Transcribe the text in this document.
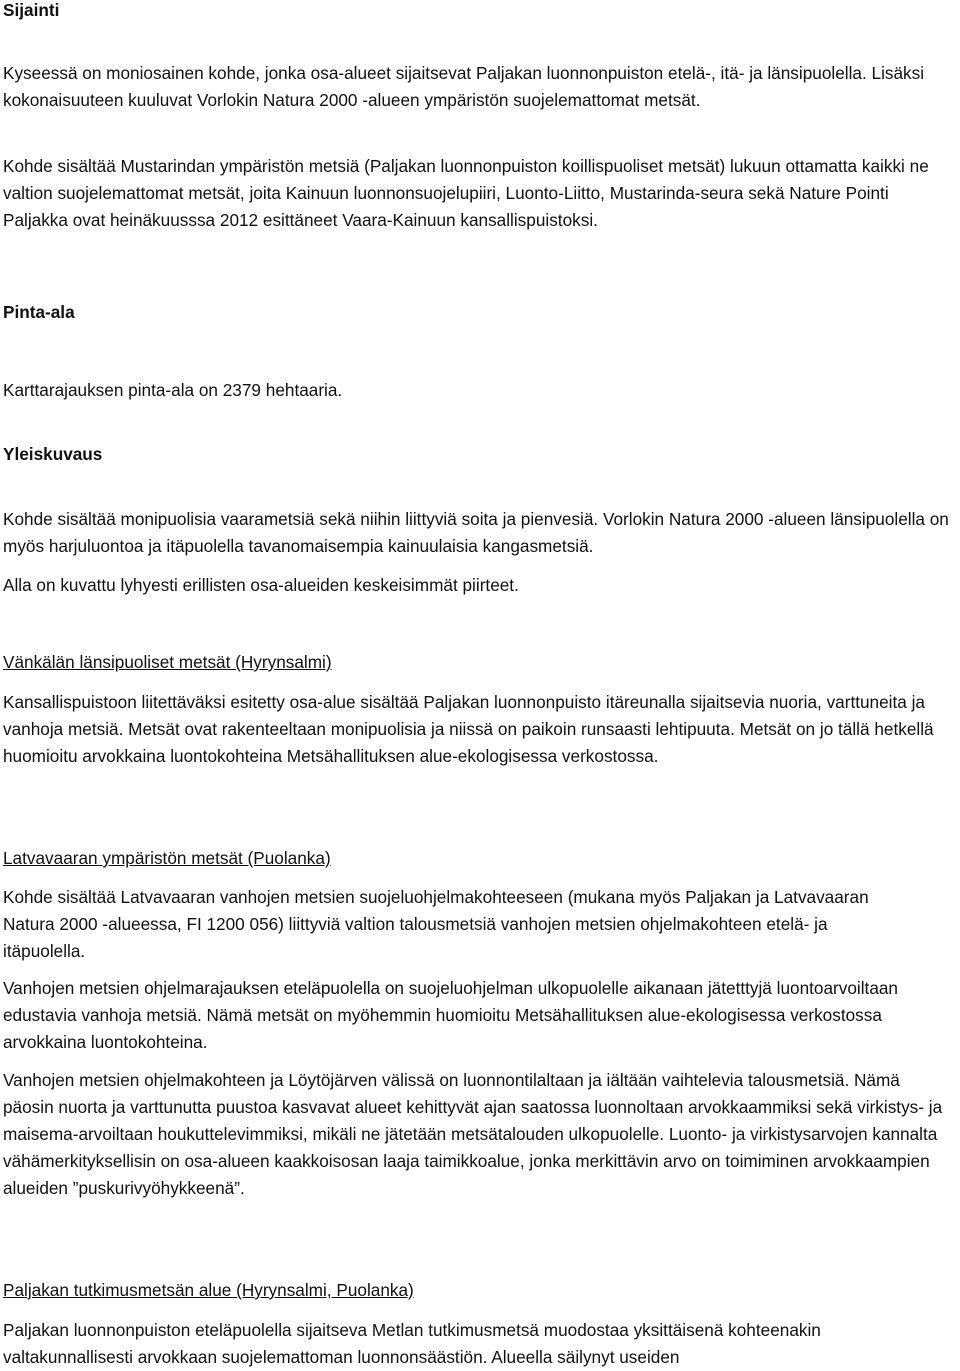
Sijainti

Kyseessä on moniosainen kohde, jonka osa-alueet sijaitsevat Paljakan luonnonpuiston etelä-, itä- ja länsipuolella. Lisäksi kokonaisuuteen kuuluvat Vorlokin Natura 2000 -alueen ympäristön suojelemattomat metsät.

Kohde sisältää Mustarindan ympäristön metsiä (Paljakan luonnonpuiston koillispuoliset metsät) lukuun ottamatta kaikki ne valtion suojelemattomat metsät, joita Kainuun luonnonsuojelupiiri, Luonto-Liitto, Mustarinda-seura sekä Nature Pointi Paljakka ovat heinäkuusssa 2012 esittäneet Vaara-Kainuun kansallispuistoksi.

Pinta-ala

Karttarajauksen pinta-ala on 2379 hehtaaria.

Yleiskuvaus

Kohde sisältää monipuolisia vaarametsiä sekä niihin liittyviä soita ja pienvesiä. Vorlokin Natura 2000 -alueen länsipuolella on myös harjuluontoa ja itäpuolella tavanomaisempia kainuulaisia kangasmetsiä.

Alla on kuvattu lyhyesti erillisten osa-alueiden keskeisimmät piirteet.

Vänkälän länsipuoliset metsät (Hyrynsalmi)

Kansallispuistoon liitettäväksi esitetty osa-alue sisältää Paljakan luonnonpuisto itäreunalla sijaitsevia nuoria, varttuneita ja vanhoja metsiä. Metsät ovat rakenteeltaan monipuolisia ja niissä on paikoin runsaasti lehtipuuta. Metsät on jo tällä hetkellä huomioitu arvokkaina luontokohteina Metsähallituksen alue-ekologisessa verkostossa.

Latvavaaran ympäristön metsät (Puolanka)

Kohde sisältää Latvavaaran vanhojen metsien suojeluohjelmakohteeseen (mukana myös Paljakan ja Latvavaaran Natura 2000 -alueessa, FI 1200 056) liittyviä valtion talousmetsiä vanhojen metsien ohjelmakohteen etelä- ja itäpuolella.

Vanhojen metsien ohjelmarajauksen eteläpuolella on suojeluohjelman ulkopuolelle aikanaan jätetttyjä luontoarvoiltaan edustavia vanhoja metsiä. Nämä metsät on myöhemmin huomioitu Metsähallituksen alue-ekologisessa verkostossa arvokkaina luontokohteina.

Vanhojen metsien ohjelmakohteen ja Löytöjärven välissä on luonnontilaltaan ja iältään vaihtelevia talousmetsiä. Nämä päosin nuorta ja varttunutta puustoa kasvavat alueet kehittyvät ajan saatossa luonnoltaan arvokkaammiksi sekä virkistys- ja maisema-arvoiltaan houkuttelevimmiksi, mikäli ne jätetään metsätalouden ulkopuolelle. Luonto- ja virkistysarvojen kannalta vähämerkityksellisin on osa-alueen kaakkoisosan laaja taimikkoalue, jonka merkittävin arvo on toimiminen arvokkaampien alueiden ”puskurivyöhykkeenä”.

Paljakan tutkimusmetsän alue (Hyrynsalmi, Puolanka)

Paljakan luonnonpuiston eteläpuolella sijaitseva Metlan tutkimusmetsä muodostaa yksittäisenä kohteenakin valtakunnallisesti arvokkaan suojelemattoman luonnonsäästiön. Alueella säilynyt useiden
